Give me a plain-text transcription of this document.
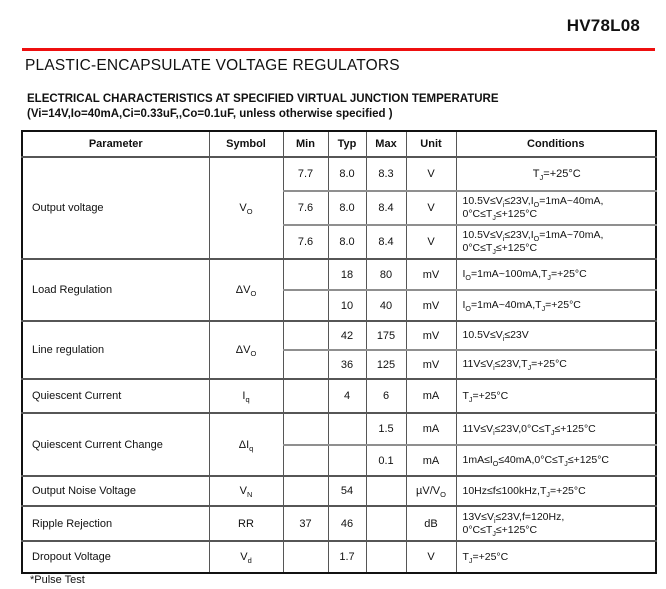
HV78L08
PLASTIC-ENCAPSULATE VOLTAGE REGULATORS
ELECTRICAL CHARACTERISTICS AT SPECIFIED VIRTUAL JUNCTION TEMPERATURE
(Vi=14V,Io=40mA,Ci=0.33uF,,Co=0.1uF, unless otherwise specified )
Parameter	Symbol	Min	Typ	Max	Unit	Conditions
Output voltage	$V_O$	7.7	8.0	8.3	V	$T_J=+25^\circ C$
		7.6	8.0	8.4	V	$10.5V\le V_i\le 23V,I_O=1mA\sim 40mA$,
$0^\circ C\le T_J\le+125^\circ C$
		7.6	8.0	8.4	V	$10.5V\le V_i\le 23V,I_O=1mA\sim 70mA$,
$0^\circ C\le T_J\le+125^\circ C$
Load Regulation	$\Delta V_O$		18	80	mV	$I_O=1mA\sim 100mA,T_J=+25^\circ C$
			10	40	mV	$I_O=1mA\sim 40mA,T_J=+25^\circ C$
Line regulation	$\Delta V_O$		42	175	mV	$10.5V\le V_i\le 23V$
			36	125	mV	$11V\le V_i\le 23V,T_J=+25^\circ C$
Quiescent Current	$I_q$		4	6	mA	$T_J=+25^\circ C$
Quiescent Current Change	$\Delta I_q$			1.5	mA	$11V\le V_i\le 23V,0^\circ C\le T_J\le+125^\circ C$
				0.1	mA	$1mA\le I_O\le 40mA,0^\circ C\le T_J\le+125^\circ C$
Output Noise Voltage	$V_N$		54		$\mu V/V_O$	$10Hz\le f\le 100kHz,T_J=+25^\circ C$
Ripple Rejection	RR	37	46		dB	$13V\le V_i\le 23V,f=120Hz$,
$0^\circ C\le T_J\le+125^\circ C$
Dropout Voltage	$V_d$		1.7		V	$T_J=+25^\circ C$
*Pulse Test
